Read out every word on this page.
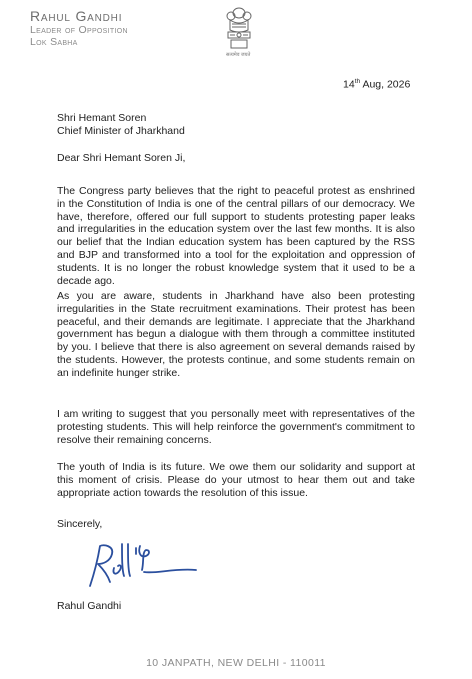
Rahul Gandhi
Leader of Opposition
Lok Sabha
सत्यमेव जयते
14th Aug, 2026
Shri Hemant Soren
Chief Minister of Jharkhand
Dear Shri Hemant Soren Ji,

The Congress party believes that the right to peaceful protest as enshrined in the Constitution of India is one of the central pillars of our democracy. We have, therefore, offered our full support to students protesting paper leaks and irregularities in the education system over the last few months. It is also our belief that the Indian education system has been captured by the RSS and BJP and transformed into a tool for the exploitation and oppression of students. It is no longer the robust knowledge system that it used to be a decade ago.

As you are aware, students in Jharkhand have also been protesting irregularities in the State recruitment examinations. Their protest has been peaceful, and their demands are legitimate. I appreciate that the Jharkhand government has begun a dialogue with them through a committee instituted by you. I believe that there is also agreement on several demands raised by the students. However, the protests continue, and some students remain on an indefinite hunger strike.

I am writing to suggest that you personally meet with representatives of the protesting students. This will help reinforce the government's commitment to resolve their remaining concerns.

The youth of India is its future. We owe them our solidarity and support at this moment of crisis. Please do your utmost to hear them out and take appropriate action towards the resolution of this issue.

Sincerely,
Rahul Gandhi
10 JANPATH, NEW DELHI - 110011
